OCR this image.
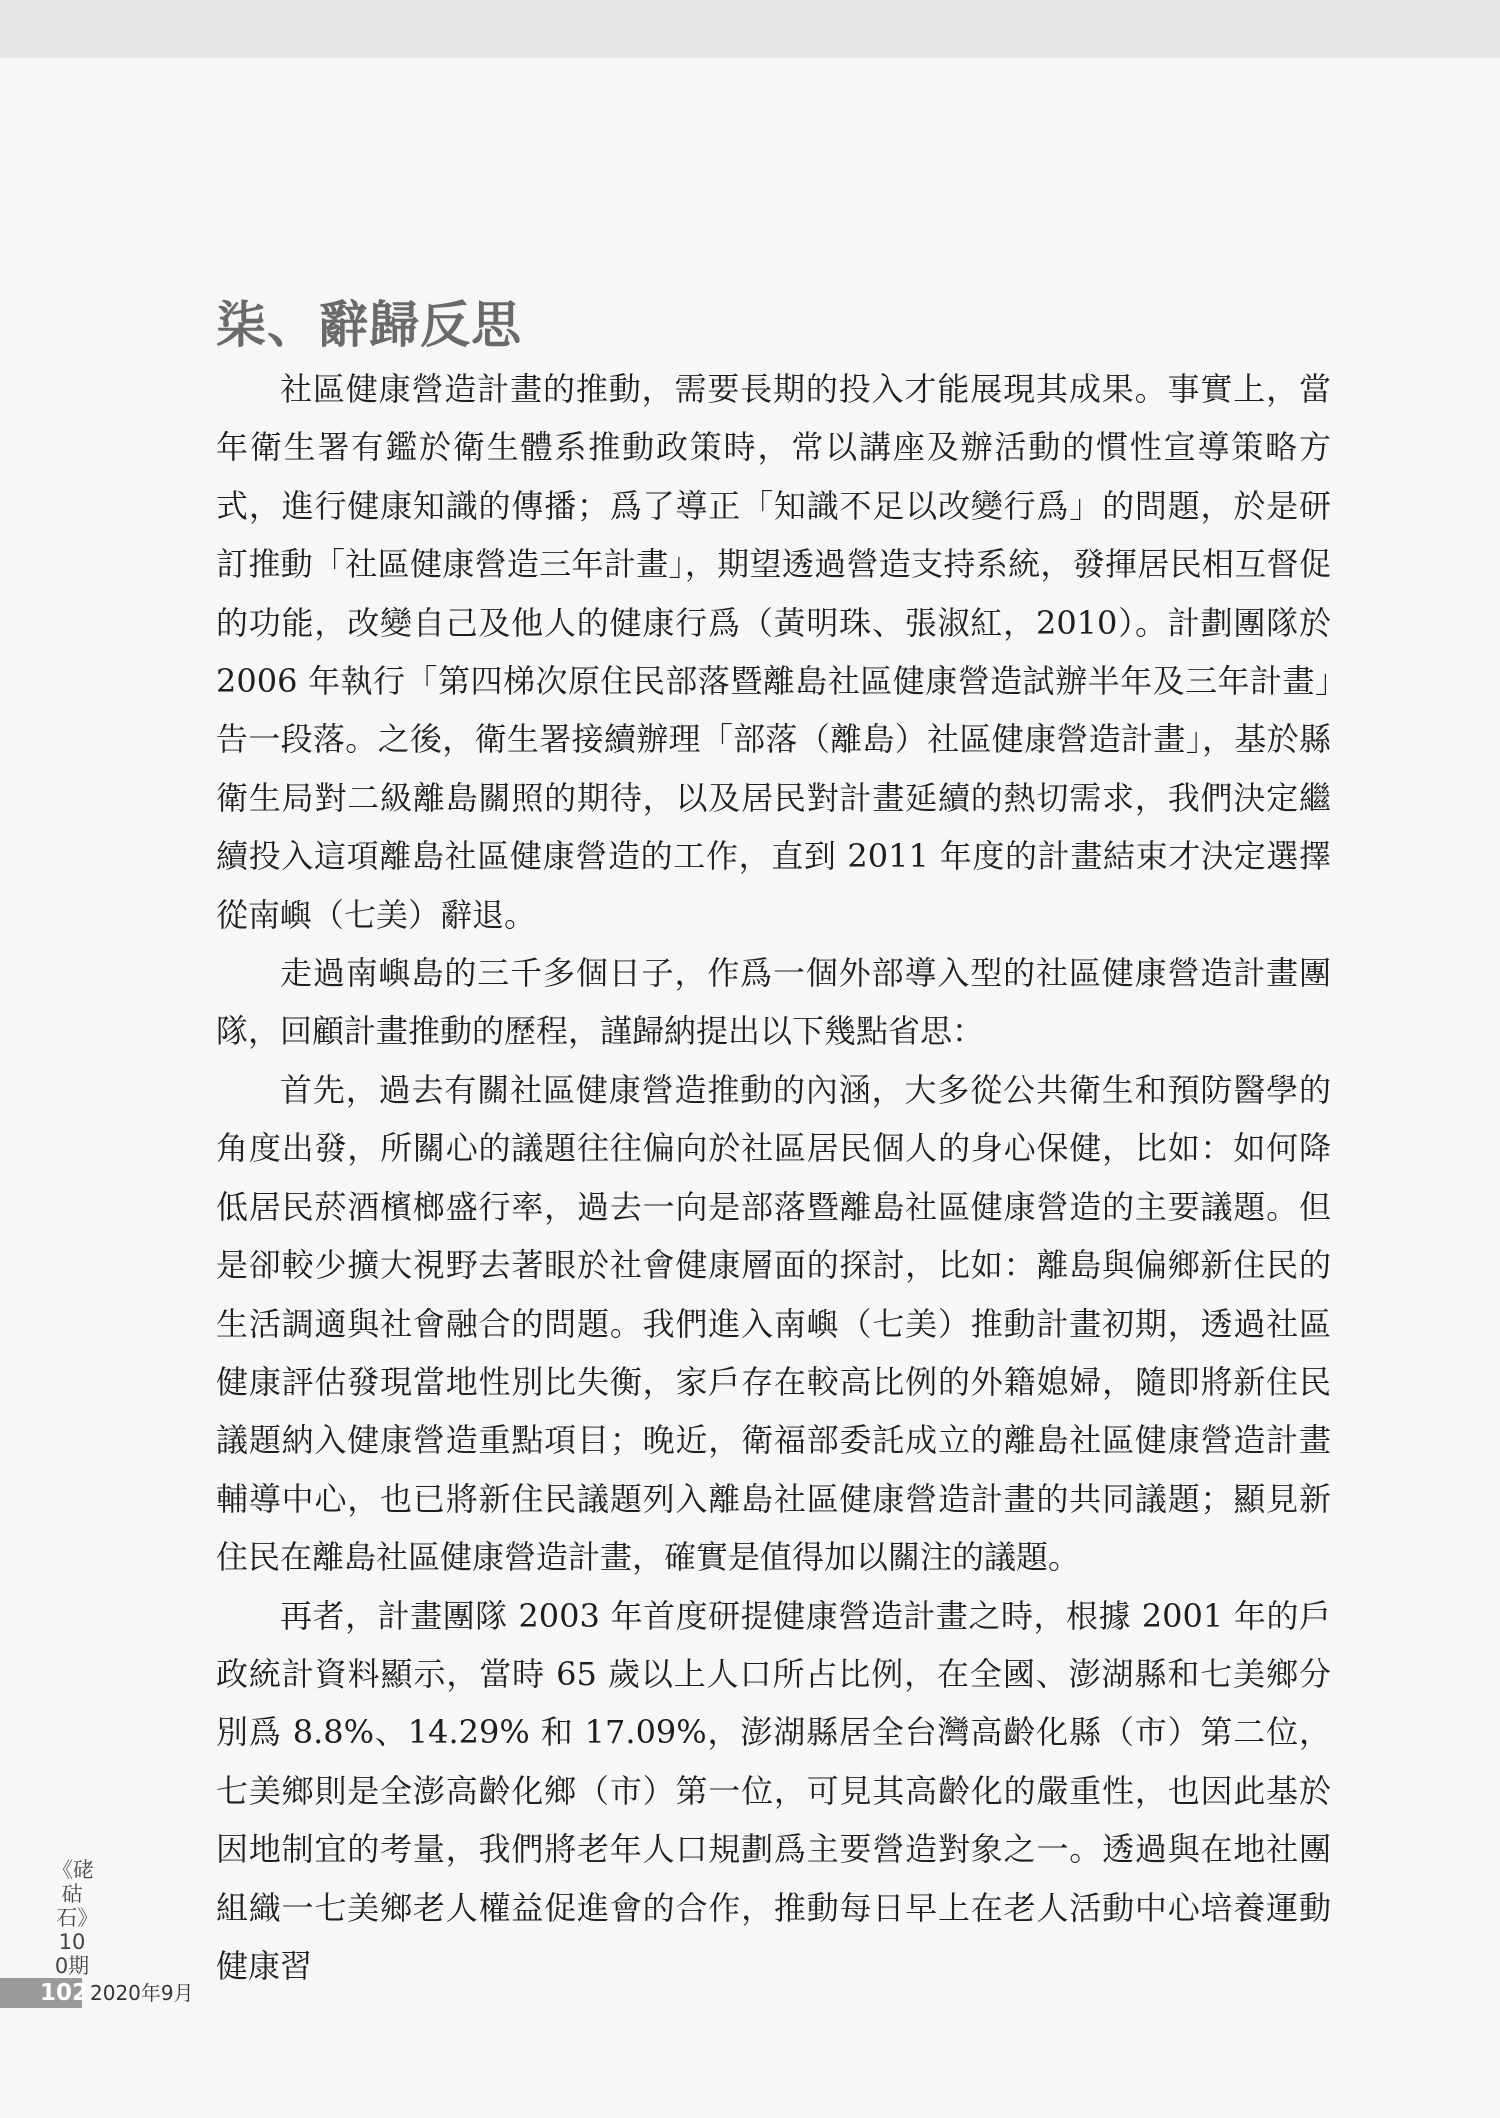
柒、辭歸反思

社區健康營造計畫的推動，需要長期的投入才能展現其成果。事實上，當年衛生署有鑑於衛生體系推動政策時，常以講座及辦活動的慣性宣導策略方式，進行健康知識的傳播；爲了導正「知識不足以改變行爲」的問題，於是研訂推動「社區健康營造三年計畫」，期望透過營造支持系統，發揮居民相互督促的功能，改變自己及他人的健康行爲（黃明珠、張淑紅，2010）。計劃團隊於 2006 年執行「第四梯次原住民部落暨離島社區健康營造試辦半年及三年計畫」告一段落。之後，衛生署接續辦理「部落（離島）社區健康營造計畫」，基於縣衛生局對二級離島關照的期待，以及居民對計畫延續的熱切需求，我們決定繼續投入這項離島社區健康營造的工作，直到 2011 年度的計畫結束才決定選擇從南嶼（七美）辭退。

走過南嶼島的三千多個日子，作爲一個外部導入型的社區健康營造計畫團隊，回顧計畫推動的歷程，謹歸納提出以下幾點省思：

首先，過去有關社區健康營造推動的內涵，大多從公共衛生和預防醫學的角度出發，所關心的議題往往偏向於社區居民個人的身心保健，比如：如何降低居民菸酒檳榔盛行率，過去一向是部落暨離島社區健康營造的主要議題。但是卻較少擴大視野去著眼於社會健康層面的探討，比如：離島與偏鄉新住民的生活調適與社會融合的問題。我們進入南嶼（七美）推動計畫初期，透過社區健康評估發現當地性別比失衡，家戶存在較高比例的外籍媳婦，隨即將新住民議題納入健康營造重點項目；晚近，衛福部委託成立的離島社區健康營造計畫輔導中心，也已將新住民議題列入離島社區健康營造計畫的共同議題；顯見新住民在離島社區健康營造計畫，確實是值得加以關注的議題。

再者，計畫團隊 2003 年首度研提健康營造計畫之時，根據 2001 年的戶政統計資料顯示，當時 65 歲以上人口所占比例，在全國、澎湖縣和七美鄉分別爲 8.8%、14.29% 和 17.09%，澎湖縣居全台灣高齡化縣（市）第二位，七美鄉則是全澎高齡化鄉（市）第一位，可見其高齡化的嚴重性，也因此基於因地制宜的考量，我們將老年人口規劃爲主要營造對象之一。透過與在地社團組織一七美鄉老人權益促進會的合作，推動每日早上在老人活動中心培養運動健康習

《硓𥑮石》100期
102 2020年9月
